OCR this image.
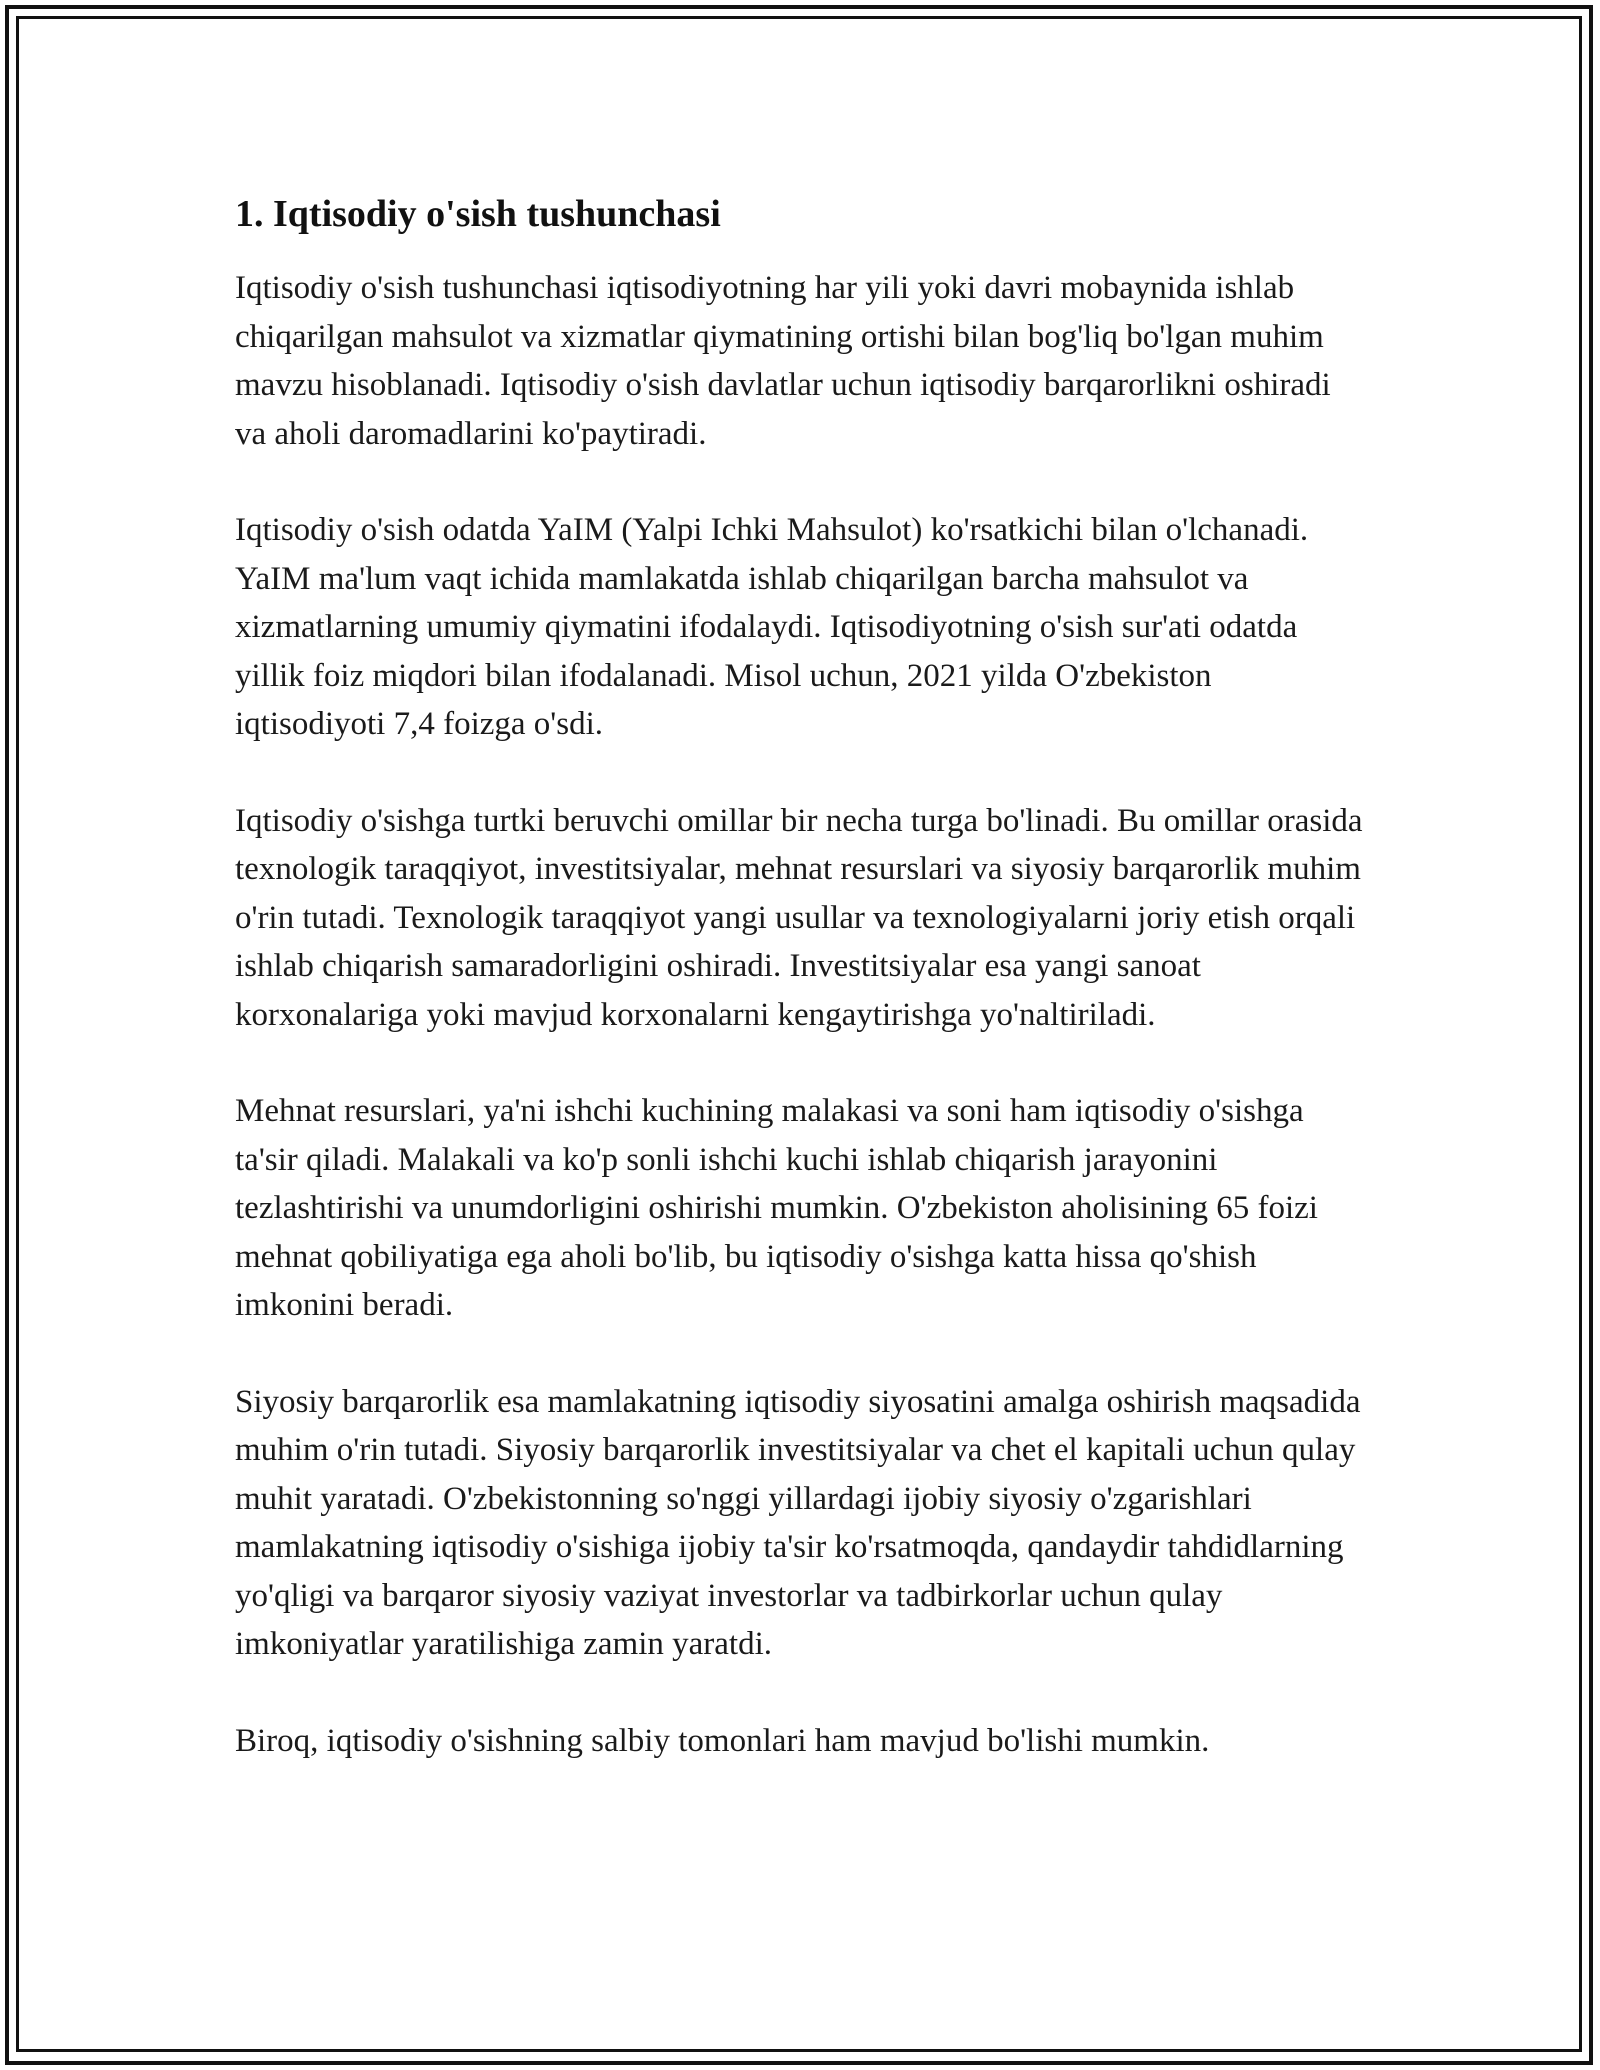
1. Iqtisodiy o'sish tushunchasi

Iqtisodiy o'sish tushunchasi iqtisodiyotning har yili yoki davri mobaynida ishlab chiqarilgan mahsulot va xizmatlar qiymatining ortishi bilan bog'liq bo'lgan muhim mavzu hisoblanadi. Iqtisodiy o'sish davlatlar uchun iqtisodiy barqarorlikni oshiradi va aholi daromadlarini ko'paytiradi.

Iqtisodiy o'sish odatda YaIM (Yalpi Ichki Mahsulot) ko'rsatkichi bilan o'lchanadi. YaIM ma'lum vaqt ichida mamlakatda ishlab chiqarilgan barcha mahsulot va xizmatlarning umumiy qiymatini ifodalaydi. Iqtisodiyotning o'sish sur'ati odatda yillik foiz miqdori bilan ifodalanadi. Misol uchun, 2021 yilda O'zbekiston iqtisodiyoti 7,4 foizga o'sdi.

Iqtisodiy o'sishga turtki beruvchi omillar bir necha turga bo'linadi. Bu omillar orasida texnologik taraqqiyot, investitsiyalar, mehnat resurslari va siyosiy barqarorlik muhim o'rin tutadi. Texnologik taraqqiyot yangi usullar va texnologiyalarni joriy etish orqali ishlab chiqarish samaradorligini oshiradi. Investitsiyalar esa yangi sanoat korxonalariga yoki mavjud korxonalarni kengaytirishga yo'naltiriladi.

Mehnat resurslari, ya'ni ishchi kuchining malakasi va soni ham iqtisodiy o'sishga ta'sir qiladi. Malakali va ko'p sonli ishchi kuchi ishlab chiqarish jarayonini tezlashtirishi va unumdorligini oshirishi mumkin. O'zbekiston aholisining 65 foizi mehnat qobiliyatiga ega aholi bo'lib, bu iqtisodiy o'sishga katta hissa qo'shish imkonini beradi.

Siyosiy barqarorlik esa mamlakatning iqtisodiy siyosatini amalga oshirish maqsadida muhim o'rin tutadi. Siyosiy barqarorlik investitsiyalar va chet el kapitali uchun qulay muhit yaratadi. O'zbekistonning so'nggi yillardagi ijobiy siyosiy o'zgarishlari mamlakatning iqtisodiy o'sishiga ijobiy ta'sir ko'rsatmoqda, qandaydir tahdidlarning yo'qligi va barqaror siyosiy vaziyat investorlar va tadbirkorlar uchun qulay imkoniyatlar yaratilishiga zamin yaratdi.

Biroq, iqtisodiy o'sishning salbiy tomonlari ham mavjud bo'lishi mumkin.
